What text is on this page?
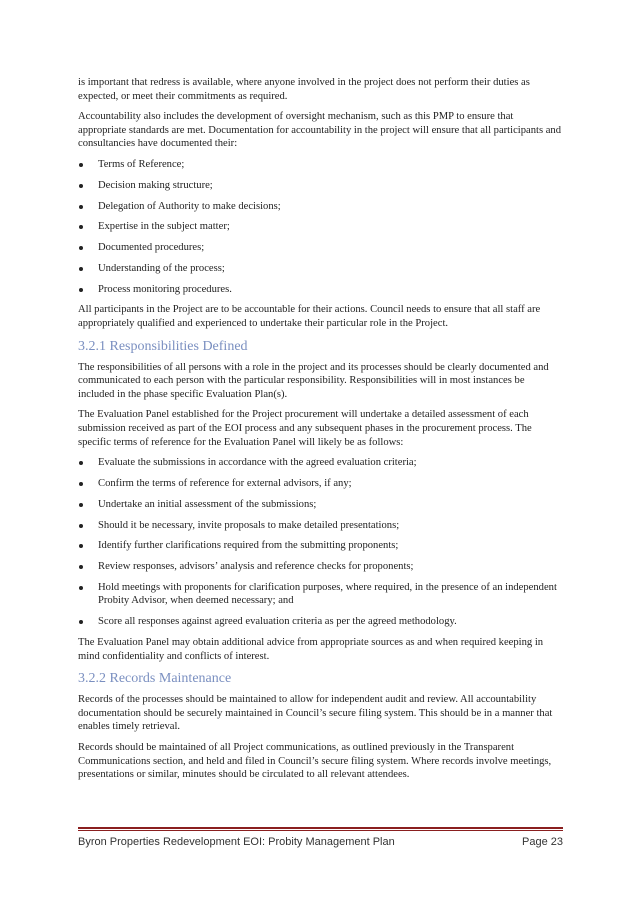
is important that redress is available, where anyone involved in the project does not perform their duties as expected, or meet their commitments as required.

Accountability also includes the development of oversight mechanism, such as this PMP to ensure that appropriate standards are met. Documentation for accountability in the project will ensure that all participants and consultancies have documented their:

Terms of Reference;
Decision making structure;
Delegation of Authority to make decisions;
Expertise in the subject matter;
Documented procedures;
Understanding of the process;
Process monitoring procedures.

All participants in the Project are to be accountable for their actions. Council needs to ensure that all staff are appropriately qualified and experienced to undertake their particular role in the Project.

3.2.1 Responsibilities Defined

The responsibilities of all persons with a role in the project and its processes should be clearly documented and communicated to each person with the particular responsibility. Responsibilities will in most instances be included in the phase specific Evaluation Plan(s).

The Evaluation Panel established for the Project procurement will undertake a detailed assessment of each submission received as part of the EOI process and any subsequent phases in the procurement process. The specific terms of reference for the Evaluation Panel will likely be as follows:

Evaluate the submissions in accordance with the agreed evaluation criteria;
Confirm the terms of reference for external advisors, if any;
Undertake an initial assessment of the submissions;
Should it be necessary, invite proposals to make detailed presentations;
Identify further clarifications required from the submitting proponents;
Review responses, advisors’ analysis and reference checks for proponents;
Hold meetings with proponents for clarification purposes, where required, in the presence of an independent Probity Advisor, when deemed necessary; and
Score all responses against agreed evaluation criteria as per the agreed methodology.

The Evaluation Panel may obtain additional advice from appropriate sources as and when required keeping in mind confidentiality and conflicts of interest.

3.2.2 Records Maintenance

Records of the processes should be maintained to allow for independent audit and review. All accountability documentation should be securely maintained in Council’s secure filing system. This should be in a manner that enables timely retrieval.

Records should be maintained of all Project communications, as outlined previously in the Transparent Communications section, and held and filed in Council’s secure filing system. Where records involve meetings, presentations or similar, minutes should be circulated to all relevant attendees.

Byron Properties Redevelopment EOI: Probity Management Plan	Page 23
